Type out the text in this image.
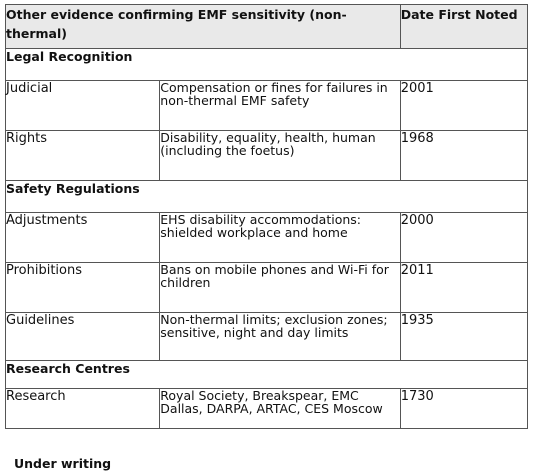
Other evidence confirming EMF sensitivity (non-thermal)		Date First Noted
Legal Recognition		
Judicial	Compensation or fines for failures in non-thermal EMF safety	2001
Rights	Disability, equality, health, human (including the foetus)	1968
Safety Regulations		
Adjustments	EHS disability accommodations: shielded workplace and home	2000
Prohibitions	Bans on mobile phones and Wi-Fi for children	2011
Guidelines	Non-thermal limits; exclusion zones; sensitive, night and day limits	1935
Research Centres		
Research	Royal Society, Breakspear, EMC Dallas, DARPA, ARTAC, CES Moscow	1730
Under writing
